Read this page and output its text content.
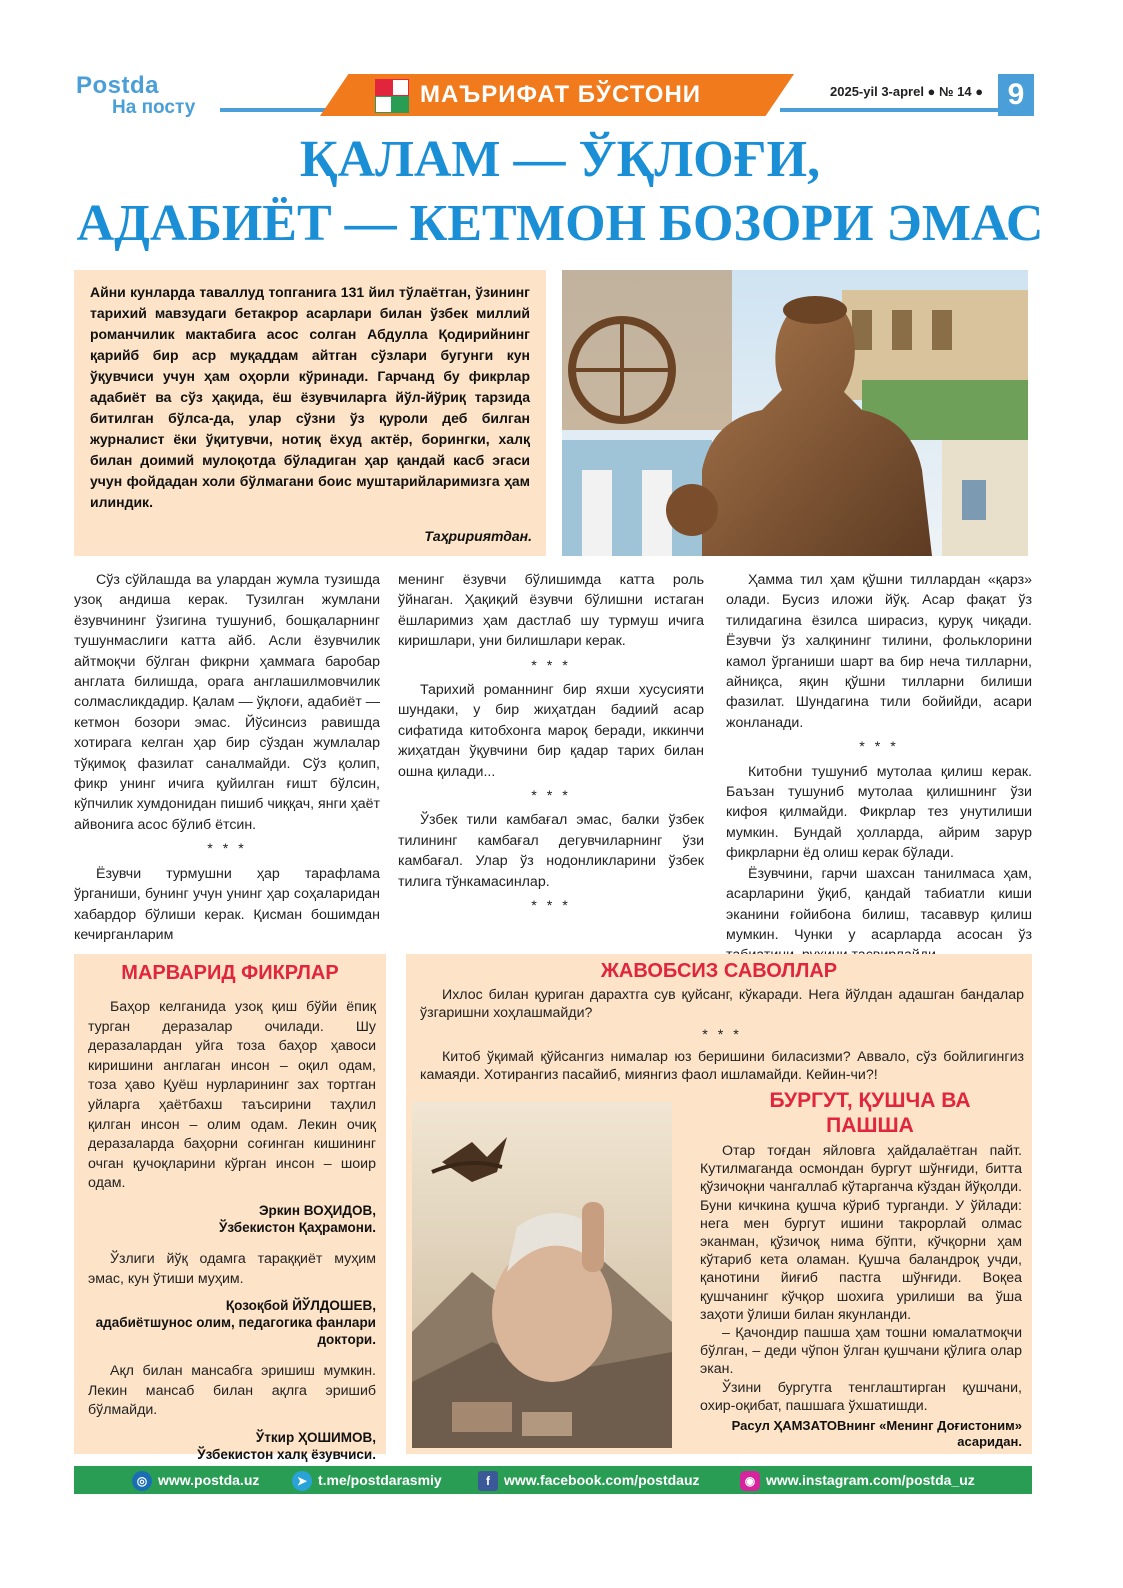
Postda
На посту	МАЪРИФАТ БЎСТОНИ	2025-yil 3-aprel ● № 14 ● 9
ҚАЛАМ — ЎҚЛОҒИ,
АДАБИЁТ — КЕТМОН БОЗОРИ ЭМАС
Айни кунларда таваллуд топганига 131 йил тўлаётган, ўзининг тарихий мавзудаги бетакрор асарлари билан ўзбек миллий романчилик мактабига асос солган Абдулла Қодирийнинг қарийб бир аср муқаддам айтган сўзлари бугунги кун ўқувчиси учун ҳам оҳорли кўринади. Гарчанд бу фикрлар адабиёт ва сўз ҳақида, ёш ёзувчиларга йўл-йўриқ тарзида битилган бўлса-да, улар сўзни ўз қуроли деб билган журналист ёки ўқитувчи, нотиқ ёхуд актёр, борингки, халқ билан доимий мулоқотда бўладиган ҳар қандай касб эгаси учун фойдадан холи бўлмагани боис муштарийларимизга ҳам илиндик.
Таҳририятдан.

Сўз сўйлашда ва улардан жумла тузишда узоқ андиша керак. Тузилган жумлани ёзувчининг ўзигина тушуниб, бошқаларнинг тушунмаслиги катта айб. Асли ёзувчилик айтмоқчи бўлган фикрни ҳаммага баробар англата билишда, орага англашилмовчилик солмасликдадир. Қалам — ўқлоғи, адабиёт — кетмон бозори эмас. Йўсинсиз равишда хотирага келган ҳар бир сўздан жумлалар тўқимоқ фазилат саналмайди. Сўз қолип, фикр унинг ичига қуйилган ғишт бўлсин, кўпчилик хумдонидан пишиб чиққач, янги ҳаёт айвонига асос бўлиб ётсин.

* * *

Ёзувчи турмушни ҳар тарафлама ўрганиши, бунинг учун унинг ҳар соҳаларидан хабардор бўлиши керак. Қисман бошимдан кечирганларим

менинг ёзувчи бўлишимда катта роль ўйнаган. Ҳақиқий ёзувчи бўлишни истаган ёшларимиз ҳам дастлаб шу турмуш ичига киришлари, уни билишлари керак.

* * *

Тарихий романнинг бир яхши хусусияти шундаки, у бир жиҳатдан бадиий асар сифатида китобхонга мароқ беради, иккинчи жиҳатдан ўқувчини бир қадар тарих билан ошна қилади...

* * *

Ўзбек тили камбағал эмас, балки ўзбек тилининг камбағал дегувчиларнинг ўзи камбағал. Улар ўз нодонликларини ўзбек тилига тўнкамасинлар.

* * *

Ҳамма тил ҳам қўшни тиллардан «қарз» олади. Бусиз иложи йўқ. Асар фақат ўз тилидагина ёзилса ширасиз, қуруқ чиқади. Ёзувчи ўз халқининг тилини, фольклорини камол ўрганиши шарт ва бир неча тилларни, айниқса, яқин қўшни тилларни билиши фазилат. Шундагина тили бойийди, асари жонланади.

* * *

Китобни тушуниб мутолаа қилиш керак. Баъзан тушуниб мутолаа қилишнинг ўзи кифоя қилмайди. Фикрлар тез унутилиши мумкин. Бундай ҳолларда, айрим зарур фикрларни ёд олиш керак бўлади.

Ёзувчини, гарчи шахсан танилмаса ҳам, асарларини ўқиб, қандай табиатли киши эканини ғойибона билиш, тасаввур қилиш мумкин. Чунки у асарларда асосан ўз

МАРВАРИД ФИКРЛАР

Баҳор келганида узоқ қиш бўйи ёпиқ турган деразалар очилади. Шу деразалардан уйга тоза баҳор ҳавоси киришини англаган инсон – оқил одам, тоза ҳаво Қуёш нурларининг зах тортган уйларга ҳаётбахш таъсирини таҳлил қилган инсон – олим одам. Лекин очиқ деразаларда баҳорни соғинган кишининг очган қучоқларини кўрган инсон – шоир одам.

Эркин ВОҲИДОВ,
Ўзбекистон Қаҳрамони.

Ўзлиги йўқ одамга тараққиёт муҳим эмас, кун ўтиши муҳим.

Қозоқбой ЙЎЛДОШЕВ,
адабиётшунос олим, педагогика фанлари доктори.

Ақл билан мансабга эришиш мумкин. Лекин мансаб билан ақлга эришиб бўлмайди.

Ўткир ҲОШИМОВ,
Ўзбекистон халқ ёзувчиси.
ЖАВОБСИЗ САВОЛЛАР

Ихлос билан қуриган дарахтга сув қуйсанг, кўкаради. Нега йўлдан адашган бандалар ўзгаришни хоҳлашмайди?

* * *

Китоб ўқимай қўйсангиз нималар юз беришини биласизми? Аввало, сўз бойлигингиз камаяди. Хотирангиз пасайиб, миянгиз фаол ишламайди. Кейин-чи?!

БУРГУТ, ҚУШЧА ВА
ПАШША

Отар тоғдан яйловга ҳайдалаётган пайт. Кутилмаганда осмондан бургут шўнғиди, битта қўзичоқни чангаллаб кўтарганча кўздан йўқолди. Буни кичкина қушча кўриб турганди. У ўйлади: нега мен бургут ишини такрорлай олмас эканман, қўзичоқ нима бўпти, кўчқорни ҳам кўтариб кета оламан. Қушча баландроқ учди, қанотини йиғиб пастга шўнғиди. Воқеа қушчанинг кўчқор шохига урилиши ва ўша заҳоти ўлиши билан якунланди.

– Қачондир пашша ҳам тошни юмалатмоқчи бўлган, – деди чўпон ўлган қушчани қўлига олар экан.

Ўзини бургутга тенглаштирган қушчани, охир-оқибат, пашшага ўхшатишди.

Расул ҲАМЗАТОВнинг «Менинг Доғистоним»
асаридан.
◎ www.postda.uz	➤ t.me/postdarasmiy	f www.facebook.com/postdauz	◉ www.instagram.com/postda_uz
